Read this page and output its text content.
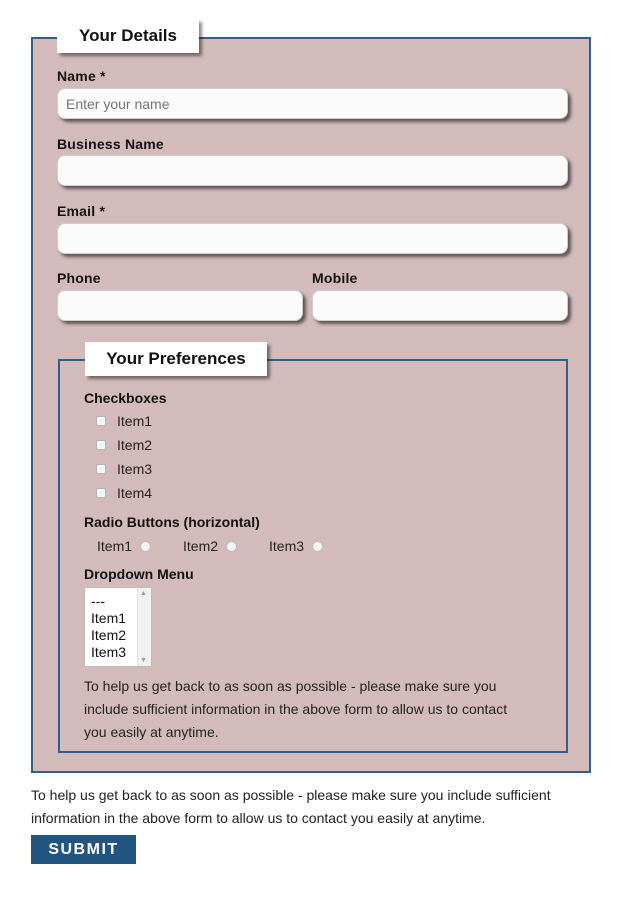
Your Details
Name *
Enter your name
Business Name
Email *
Phone	Mobile
Your Preferences
Checkboxes
Item1
Item2
Item3
Item4
Radio Buttons (horizontal)
Item1	Item2	Item3
Dropdown Menu
---
Item1
Item2
Item3
▲
▼
To help us get back to as soon as possible - please make sure you
include sufficient information in the above form to allow us to contact
you easily at anytime.
To help us get back to as soon as possible - please make sure you include sufficient
information in the above form to allow us to contact you easily at anytime.
SUBMIT
